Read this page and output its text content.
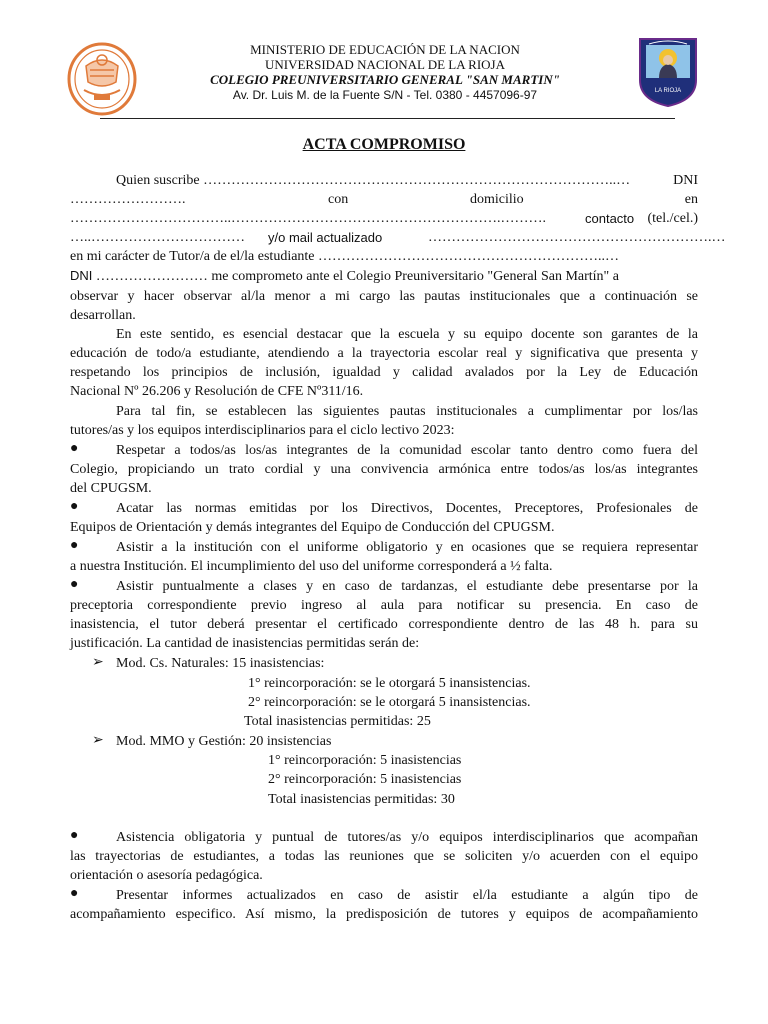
LA RIOJA
MINISTERIO DE EDUCACIÓN DE LA NACION
UNIVERSIDAD NACIONAL DE LA RIOJA
COLEGIO PREUNIVERSITARIO GENERAL "SAN MARTIN"
Av. Dr. Luis M. de la Fuente S/N - Tel. 0380 - 4457096-97
ACTA COMPROMISO
Quien suscribe ……………………………………………………………………………..…	DNI
…………………….	con	domicilio	en
……………………………..………………………………………………….……….	contacto (tel./cel.)
…..…………………………… y/o mail actualizado	…………………………………………………….…
en mi carácter de Tutor/a de el/la estudiante ……………………………………………………..…
DNI …………………… me comprometo ante el Colegio Preuniversitario "General San Martín" a
observar y hacer observar al/la menor a mi cargo las pautas institucionales que a continuación se
desarrollan.
En este sentido, es esencial destacar que la escuela y su equipo docente son garantes de la
educación de todo/a estudiante, atendiendo a la trayectoria escolar real y significativa que presenta y
respetando los principios de inclusión, igualdad y calidad avalados por la Ley de Educación
Nacional Nº 26.206 y Resolución de CFE Nº311/16.
Para tal fin, se establecen las siguientes pautas institucionales a cumplimentar por los/las
tutores/as y los equipos interdisciplinarios para el ciclo lectivo 2023:
●	Respetar a todos/as los/as integrantes de la comunidad escolar tanto dentro como fuera del
Colegio, propiciando un trato cordial y una convivencia armónica entre todos/as los/as integrantes
del CPUGSM.
●	Acatar las normas emitidas por los Directivos, Docentes, Preceptores, Profesionales de
Equipos de Orientación y demás integrantes del Equipo de Conducción del CPUGSM.
●	Asistir a la institución con el uniforme obligatorio y en ocasiones que se requiera representar
a nuestra Institución. El incumplimiento del uso del uniforme corresponderá a ½ falta.
●	Asistir puntualmente a clases y en caso de tardanzas, el estudiante debe presentarse por la
preceptoria correspondiente previo ingreso al aula para notificar su presencia. En caso de
inasistencia, el tutor deberá presentar el certificado correspondiente dentro de las 48 h. para su
justificación. La cantidad de inasistencias permitidas serán de:
➢ Mod. Cs. Naturales: 15 inasistencias:
1° reincorporación: se le otorgará 5 inansistencias.
2° reincorporación: se le otorgará 5 inansistencias.
Total inasistencias permitidas: 25
➢ Mod. MMO y Gestión: 20 insistencias
1° reincorporación: 5 inasistencias
2° reincorporación: 5 inasistencias
Total inasistencias permitidas: 30
●	Asistencia obligatoria y puntual de tutores/as y/o equipos interdisciplinarios que acompañan
las trayectorias de estudiantes, a todas las reuniones que se soliciten y/o acuerden con el equipo
orientación o asesoría pedagógica.
●	Presentar informes actualizados en caso de asistir el/la estudiante a algún tipo de
acompañamiento especifico. Así mismo, la predisposición de tutores y equipos de acompañamiento
